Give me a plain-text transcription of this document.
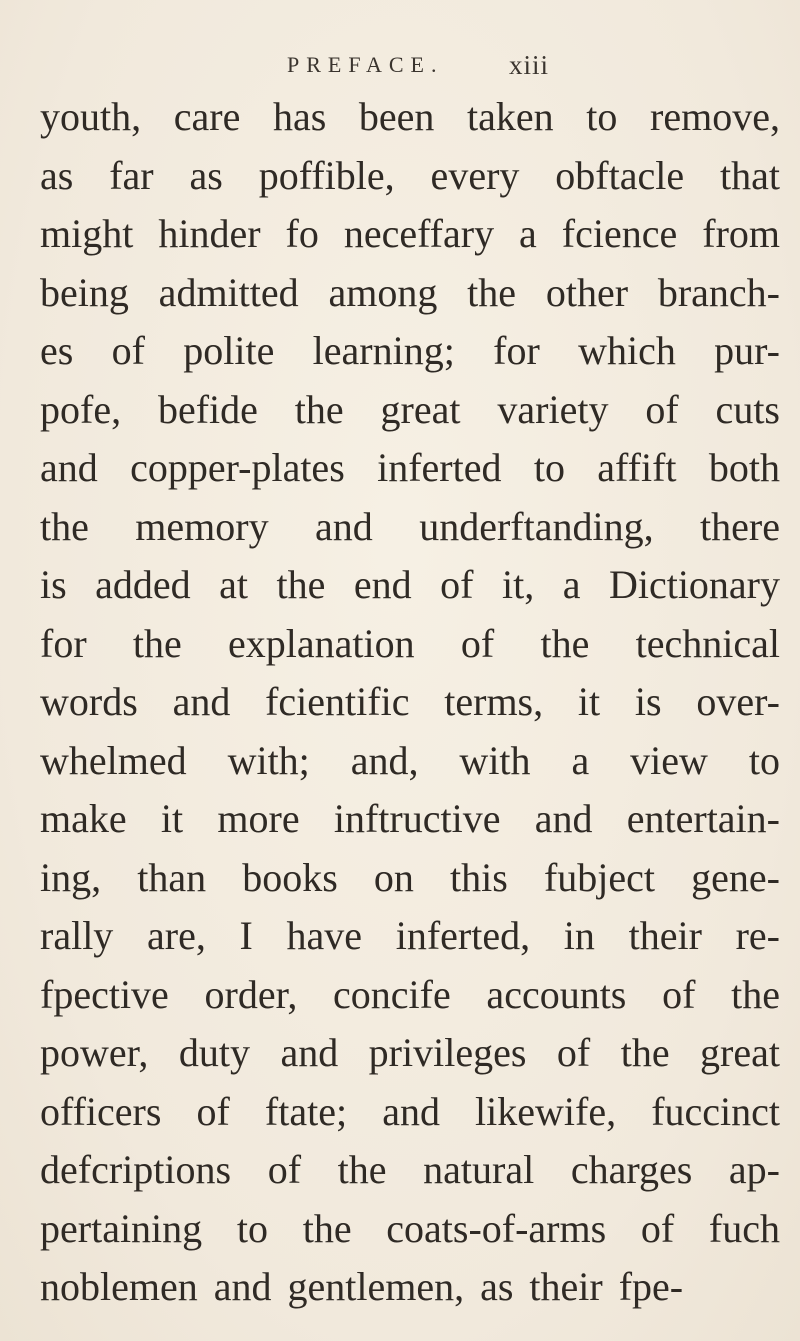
PREFACE. xiii
youth, care has been taken to remove,
as far as poffible, every obftacle that
might hinder fo neceffary a fcience from
being admitted among the other branch-
es of polite learning; for which pur-
pofe, befide the great variety of cuts
and copper-plates inferted to affift both
the memory and underftanding, there
is added at the end of it, a Dictionary
for the explanation of the technical
words and fcientific terms, it is over-
whelmed with; and, with a view to
make it more inftructive and entertain-
ing, than books on this fubject gene-
rally are, I have inferted, in their re-
fpective order, concife accounts of the
power, duty and privileges of the great
officers of ftate; and likewife, fuccinct
defcriptions of the natural charges ap-
pertaining to the coats-of-arms of fuch
noblemen and gentlemen, as their fpe-
